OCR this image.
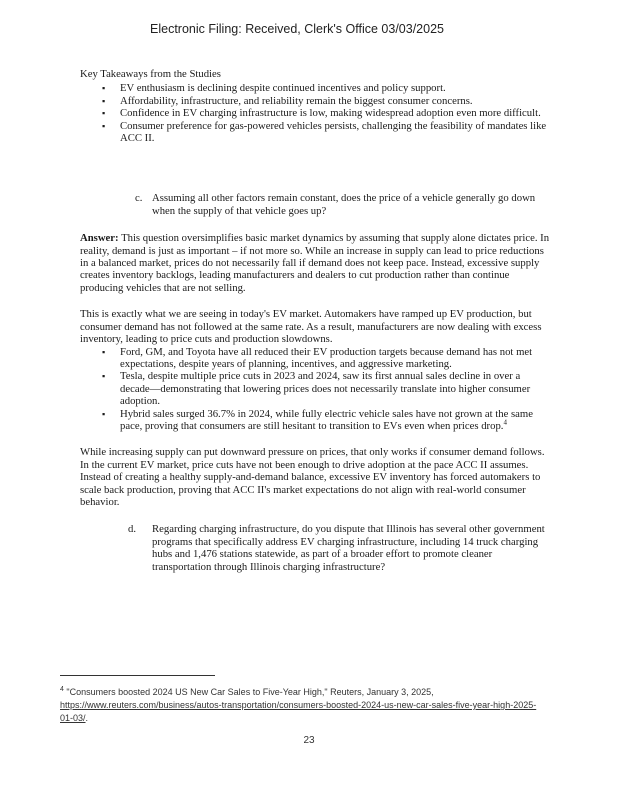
Electronic Filing: Received, Clerk's Office 03/03/2025

Key Takeaways from the Studies

▪ EV enthusiasm is declining despite continued incentives and policy support.
▪ Affordability, infrastructure, and reliability remain the biggest consumer concerns.
▪ Confidence in EV charging infrastructure is low, making widespread adoption even more difficult.
▪ Consumer preference for gas-powered vehicles persists, challenging the feasibility of mandates like ACC II.

c. Assuming all other factors remain constant, does the price of a vehicle generally go down when the supply of that vehicle goes up?

Answer: This question oversimplifies basic market dynamics by assuming that supply alone dictates price. In reality, demand is just as important – if not more so. While an increase in supply can lead to price reductions in a balanced market, prices do not necessarily fall if demand does not keep pace. Instead, excessive supply creates inventory backlogs, leading manufacturers and dealers to cut production rather than continue producing vehicles that are not selling.

This is exactly what we are seeing in today's EV market. Automakers have ramped up EV production, but consumer demand has not followed at the same rate. As a result, manufacturers are now dealing with excess inventory, leading to price cuts and production slowdowns.

▪ Ford, GM, and Toyota have all reduced their EV production targets because demand has not met expectations, despite years of planning, incentives, and aggressive marketing.
▪ Tesla, despite multiple price cuts in 2023 and 2024, saw its first annual sales decline in over a decade—demonstrating that lowering prices does not necessarily translate into higher consumer adoption.
▪ Hybrid sales surged 36.7% in 2024, while fully electric vehicle sales have not grown at the same pace, proving that consumers are still hesitant to transition to EVs even when prices drop.$^4$

While increasing supply can put downward pressure on prices, that only works if consumer demand follows. In the current EV market, price cuts have not been enough to drive adoption at the pace ACC II assumes. Instead of creating a healthy supply-and-demand balance, excessive EV inventory has forced automakers to scale back production, proving that ACC II's market expectations do not align with real-world consumer behavior.

d. Regarding charging infrastructure, do you dispute that Illinois has several other government programs that specifically address EV charging infrastructure, including 14 truck charging hubs and 1,476 stations statewide, as part of a broader effort to promote cleaner transportation through Illinois charging infrastructure?

$^4$ "Consumers boosted 2024 US New Car Sales to Five-Year High," Reuters, January 3, 2025,
https://www.reuters.com/business/autos-transportation/consumers-boosted-2024-us-new-car-sales-five-year-high-2025-01-03/.
23
